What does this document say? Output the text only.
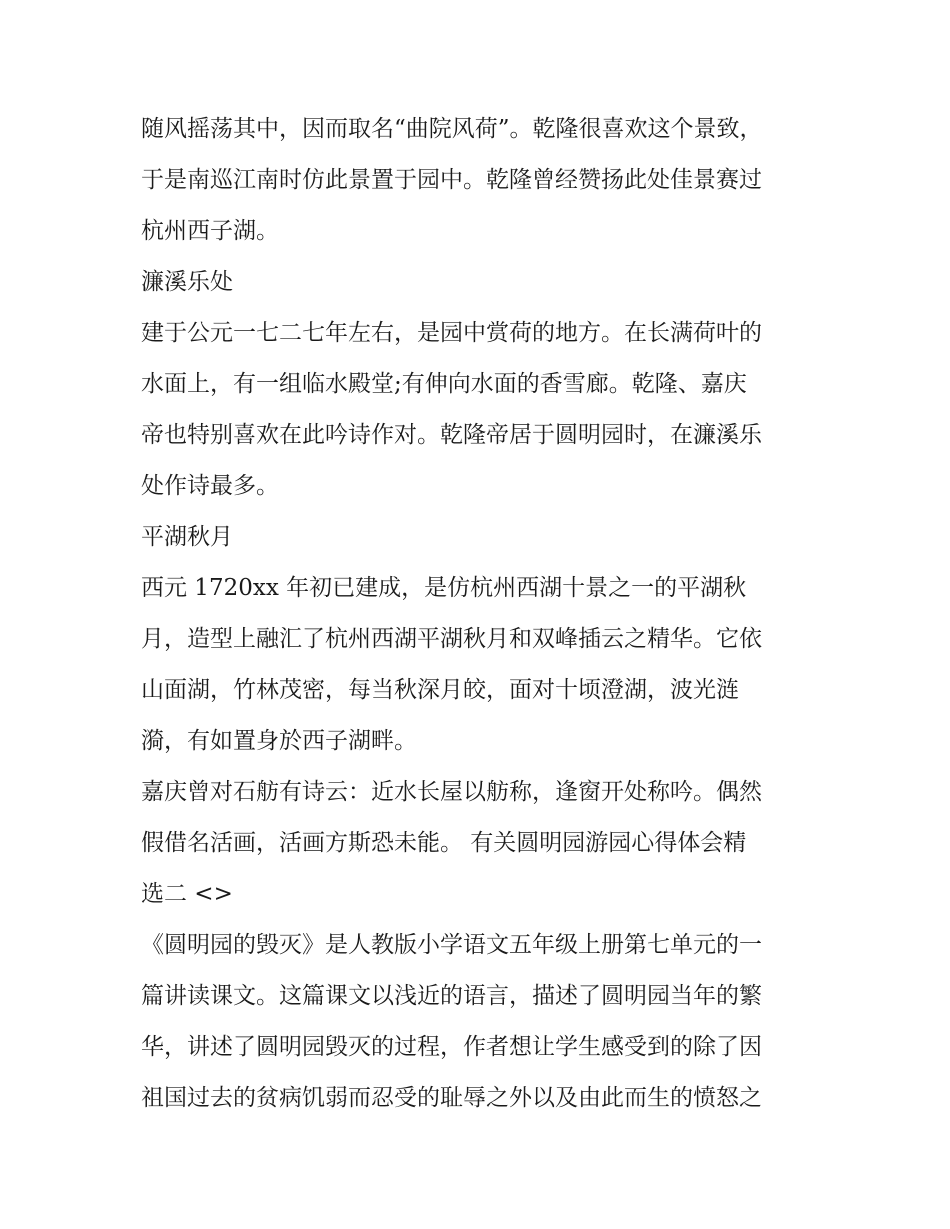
随风摇荡其中，因而取名“曲院风荷”。乾隆很喜欢这个景致，
于是南巡江南时仿此景置于园中。乾隆曾经赞扬此处佳景赛过
杭州西子湖。
濂溪乐处
建于公元一七二七年左右，是园中赏荷的地方。在长满荷叶的
水面上，有一组临水殿堂;有伸向水面的香雪廊。乾隆、嘉庆
帝也特别喜欢在此吟诗作对。乾隆帝居于圆明园时，在濂溪乐
处作诗最多。
平湖秋月
西元 1720xx 年初已建成，是仿杭州西湖十景之一的平湖秋
月，造型上融汇了杭州西湖平湖秋月和双峰插云之精华。它依
山面湖，竹林茂密，每当秋深月皎，面对十顷澄湖，波光涟
漪，有如置身於西子湖畔。
嘉庆曾对石舫有诗云：近水长屋以舫称，逢窗开处称吟。偶然
假借名活画，活画方斯恐未能。 有关圆明园游园心得体会精
选二 <>
《圆明园的毁灭》是人教版小学语文五年级上册第七单元的一
篇讲读课文。这篇课文以浅近的语言，描述了圆明园当年的繁
华，讲述了圆明园毁灭的过程，作者想让学生感受到的除了因
祖国过去的贫病饥弱而忍受的耻辱之外以及由此而生的愤怒之
